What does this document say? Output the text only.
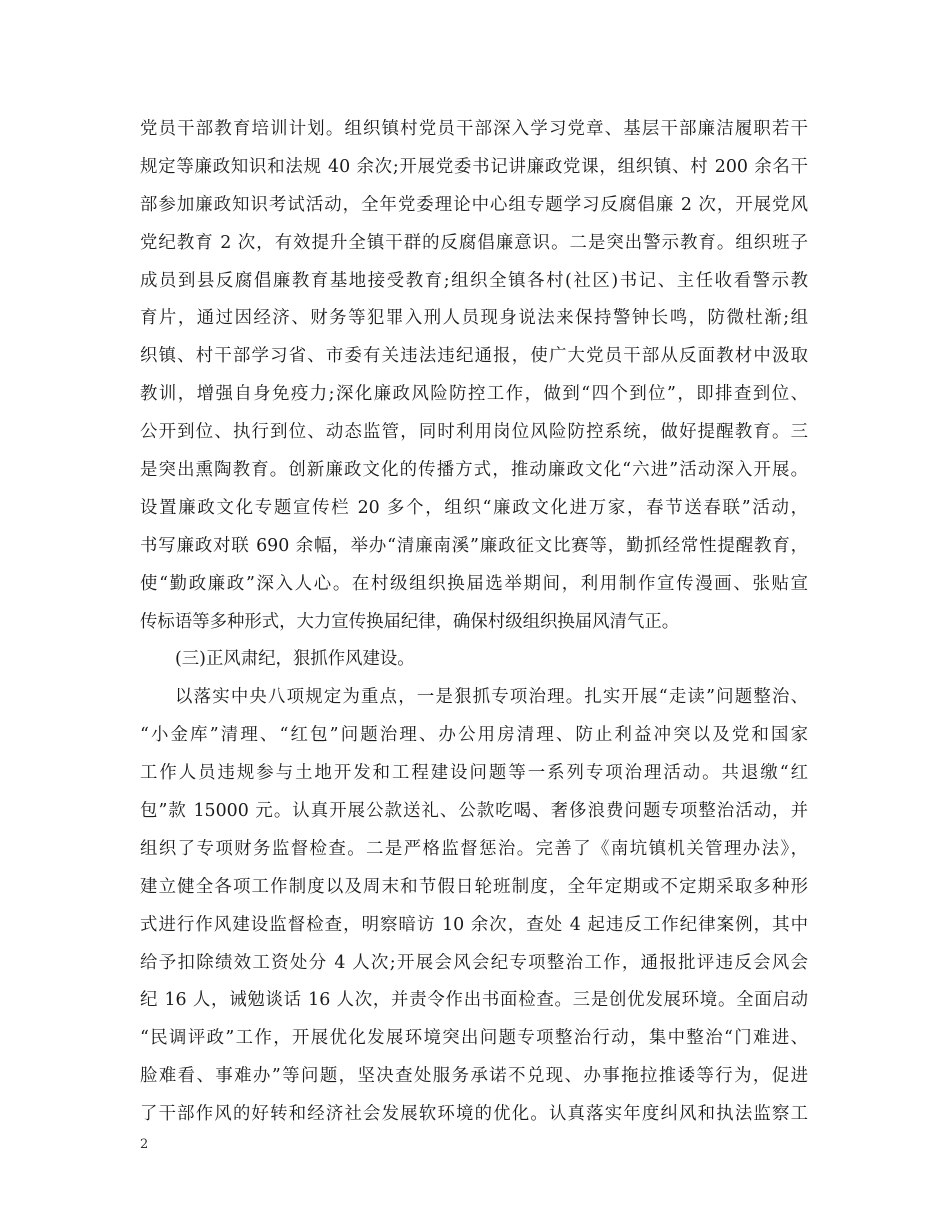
党员干部教育培训计划。组织镇村党员干部深入学习党章、基层干部廉洁履职若干
规定等廉政知识和法规 40 余次;开展党委书记讲廉政党课，组织镇、村 200 余名干
部参加廉政知识考试活动，全年党委理论中心组专题学习反腐倡廉 2 次，开展党风
党纪教育 2 次，有效提升全镇干群的反腐倡廉意识。二是突出警示教育。组织班子
成员到县反腐倡廉教育基地接受教育;组织全镇各村(社区)书记、主任收看警示教
育片，通过因经济、财务等犯罪入刑人员现身说法来保持警钟长鸣，防微杜渐;组
织镇、村干部学习省、市委有关违法违纪通报，使广大党员干部从反面教材中汲取
教训，增强自身免疫力;深化廉政风险防控工作，做到“四个到位”，即排查到位、
公开到位、执行到位、动态监管，同时利用岗位风险防控系统，做好提醒教育。三
是突出熏陶教育。创新廉政文化的传播方式，推动廉政文化“六进”活动深入开展。
设置廉政文化专题宣传栏 20 多个，组织“廉政文化进万家，春节送春联”活动，
书写廉政对联 690 余幅，举办“清廉南溪”廉政征文比赛等，勤抓经常性提醒教育，
使“勤政廉政”深入人心。在村级组织换届选举期间，利用制作宣传漫画、张贴宣
传标语等多种形式，大力宣传换届纪律，确保村级组织换届风清气正。
(三)正风肃纪，狠抓作风建设。
以落实中央八项规定为重点，一是狠抓专项治理。扎实开展“走读”问题整治、
“小金库”清理、“红包”问题治理、办公用房清理、防止利益冲突以及党和国家
工作人员违规参与土地开发和工程建设问题等一系列专项治理活动。共退缴“红
包”款 15000 元。认真开展公款送礼、公款吃喝、奢侈浪费问题专项整治活动，并
组织了专项财务监督检查。二是严格监督惩治。完善了《南坑镇机关管理办法》，
建立健全各项工作制度以及周末和节假日轮班制度，全年定期或不定期采取多种形
式进行作风建设监督检查，明察暗访 10 余次，查处 4 起违反工作纪律案例，其中
给予扣除绩效工资处分 4 人次;开展会风会纪专项整治工作，通报批评违反会风会
纪 16 人，诫勉谈话 16 人次，并责令作出书面检查。三是创优发展环境。全面启动
“民调评政”工作，开展优化发展环境突出问题专项整治行动，集中整治“门难进、
脸难看、事难办”等问题，坚决查处服务承诺不兑现、办事拖拉推诿等行为，促进
了干部作风的好转和经济社会发展软环境的优化。认真落实年度纠风和执法监察工
2
